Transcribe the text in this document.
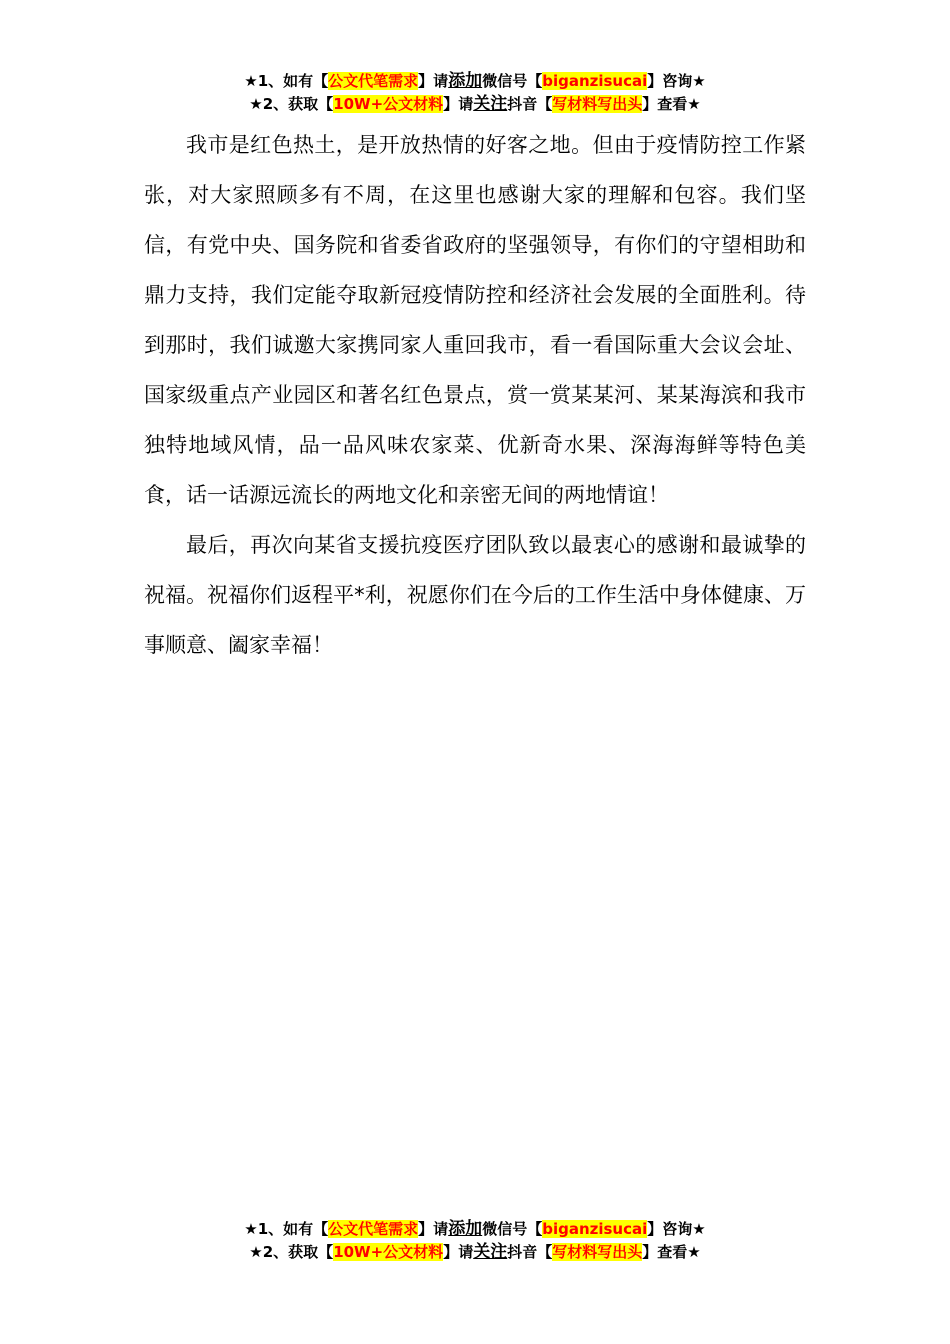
★1、如有【公文代笔需求】请添加微信号【biganzisucai】咨询★
★2、获取【10W+公文材料】请关注抖音【写材料写出头】查看★

我市是红色热土，是开放热情的好客之地。但由于疫情防控工作紧张，对大家照顾多有不周，在这里也感谢大家的理解和包容。我们坚信，有党中央、国务院和省委省政府的坚强领导，有你们的守望相助和鼎力支持，我们定能夺取新冠疫情防控和经济社会发展的全面胜利。待到那时，我们诚邀大家携同家人重回我市，看一看国际重大会议会址、国家级重点产业园区和著名红色景点，赏一赏某某河、某某海滨和我市独特地域风情，品一品风味农家菜、优新奇水果、深海海鲜等特色美食，话一话源远流长的两地文化和亲密无间的两地情谊！

最后，再次向某省支援抗疫医疗团队致以最衷心的感谢和最诚挚的祝福。祝福你们返程平*利，祝愿你们在今后的工作生活中身体健康、万事顺意、阖家幸福！

★1、如有【公文代笔需求】请添加微信号【biganzisucai】咨询★
★2、获取【10W+公文材料】请关注抖音【写材料写出头】查看★
